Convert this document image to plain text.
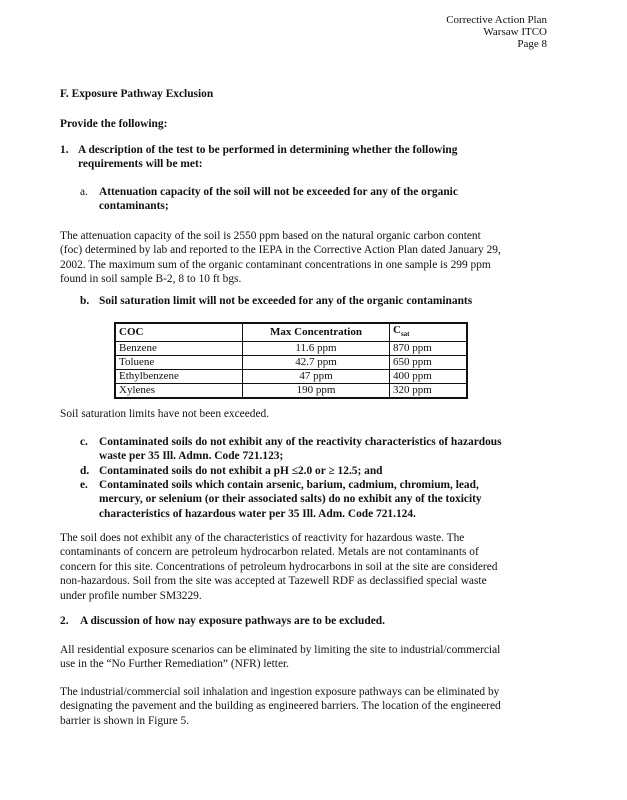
Corrective Action Plan
Warsaw ITCO
Page 8
F. Exposure Pathway Exclusion
Provide the following:
1. A description of the test to be performed in determining whether the following
requirements will be met:
a. Attenuation capacity of the soil will not be exceeded for any of the organic
contaminants;
The attenuation capacity of the soil is 2550 ppm based on the natural organic carbon content
(foc) determined by lab and reported to the IEPA in the Corrective Action Plan dated January 29,
2002. The maximum sum of the organic contaminant concentrations in one sample is 299 ppm
found in soil sample B-2, 8 to 10 ft bgs.
b. Soil saturation limit will not be exceeded for any of the organic contaminants
COC	Max Concentration	$C_{sat}$
Benzene	11.6 ppm	870 ppm
Toluene	42.7 ppm	650 ppm
Ethylbenzene	47 ppm	400 ppm
Xylenes	190 ppm	320 ppm
Soil saturation limits have not been exceeded.
c. Contaminated soils do not exhibit any of the reactivity characteristics of hazardous
waste per 35 Ill. Admn. Code 721.123;
d. Contaminated soils do not exhibit a pH ≤2.0 or ≥ 12.5; and
e. Contaminated soils which contain arsenic, barium, cadmium, chromium, lead,
mercury, or selenium (or their associated salts) do no exhibit any of the toxicity
characteristics of hazardous water per 35 Ill. Adm. Code 721.124.
The soil does not exhibit any of the characteristics of reactivity for hazardous waste. The
contaminants of concern are petroleum hydrocarbon related. Metals are not contaminants of
concern for this site. Concentrations of petroleum hydrocarbons in soil at the site are considered
non-hazardous. Soil from the site was accepted at Tazewell RDF as declassified special waste
under profile number SM3229.
2.	A discussion of how nay exposure pathways are to be excluded.
All residential exposure scenarios can be eliminated by limiting the site to industrial/commercial
use in the “No Further Remediation” (NFR) letter.
The industrial/commercial soil inhalation and ingestion exposure pathways can be eliminated by
designating the pavement and the building as engineered barriers. The location of the engineered
barrier is shown in Figure 5.
